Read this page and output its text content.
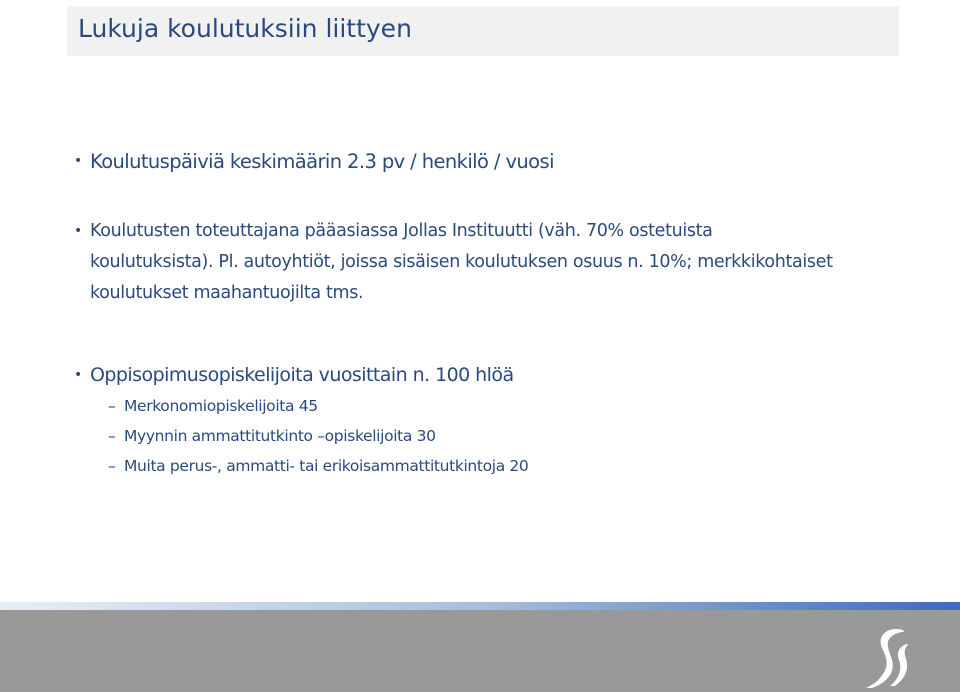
Lukuja koulutuksiin liittyen
• Koulutuspäiviä keskimäärin 2.3 pv / henkilö / vuosi
• Koulutusten toteuttajana pääasiassa Jollas Instituutti (väh. 70% ostetuista koulutuksista). Pl. autoyhtiöt, joissa sisäisen koulutuksen osuus n. 10%; merkkikohtaiset koulutukset maahantuojilta tms.
• Oppisopimusopiskelijoita vuosittain n. 100 hlöä
– Merkonomiopiskelijoita 45
– Myynnin ammattitutkinto –opiskelijoita 30
– Muita perus-, ammatti- tai erikoisammattitutkintoja 20
